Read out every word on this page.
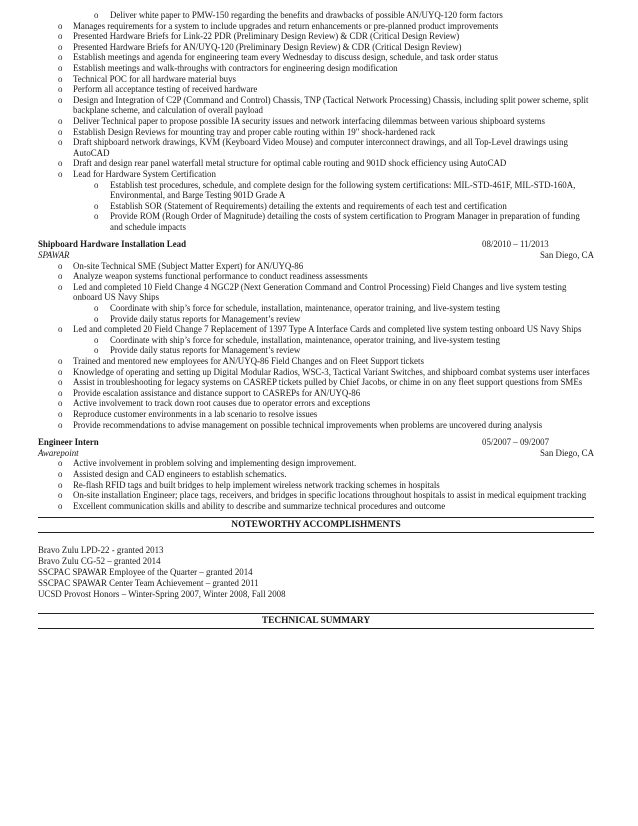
o Deliver white paper to PMW-150 regarding the benefits and drawbacks of possible AN/UYQ-120 form factors
o Manages requirements for a system to include upgrades and return enhancements or pre-planned product improvements
o Presented Hardware Briefs for Link-22 PDR (Preliminary Design Review) & CDR (Critical Design Review)
o Presented Hardware Briefs for AN/UYQ-120 (Preliminary Design Review) & CDR (Critical Design Review)
o Establish meetings and agenda for engineering team every Wednesday to discuss design, schedule, and task order status
o Establish meetings and walk-throughs with contractors for engineering design modification
o Technical POC for all hardware material buys
o Perform all acceptance testing of received hardware
o Design and Integration of C2P (Command and Control) Chassis, TNP (Tactical Network Processing) Chassis, including split power scheme, split backplane scheme, and calculation of overall payload
o Deliver Technical paper to propose possible IA security issues and network interfacing dilemmas between various shipboard systems
o Establish Design Reviews for mounting tray and proper cable routing within 19" shock-hardened rack
o Draft shipboard network drawings, KVM (Keyboard Video Mouse) and computer interconnect drawings, and all Top-Level drawings using AutoCAD
o Draft and design rear panel waterfall metal structure for optimal cable routing and 901D shock efficiency using AutoCAD
o Lead for Hardware System Certification
o Establish test procedures, schedule, and complete design for the following system certifications: MIL-STD-461F, MIL-STD-160A, Environmental, and Barge Testing 901D Grade A
o Establish SOR (Statement of Requirements) detailing the extents and requirements of each test and certification
o Provide ROM (Rough Order of Magnitude) detailing the costs of system certification to Program Manager in preparation of funding and schedule impacts
Shipboard Hardware Installation Lead	08/2010 – 11/2013
SPAWAR	San Diego, CA
o On-site Technical SME (Subject Matter Expert) for AN/UYQ-86
o Analyze weapon systems functional performance to conduct readiness assessments
o Led and completed 10 Field Change 4 NGC2P (Next Generation Command and Control Processing) Field Changes and live system testing onboard US Navy Ships
o Coordinate with ship’s force for schedule, installation, maintenance, operator training, and live-system testing
o Provide daily status reports for Management’s review
o Led and completed 20 Field Change 7 Replacement of 1397 Type A Interface Cards and completed live system testing onboard US Navy Ships
o Coordinate with ship’s force for schedule, installation, maintenance, operator training, and live-system testing
o Provide daily status reports for Management’s review
o Trained and mentored new employees for AN/UYQ-86 Field Changes and on Fleet Support tickets
o Knowledge of operating and setting up Digital Modular Radios, WSC-3, Tactical Variant Switches, and shipboard combat systems user interfaces
o Assist in troubleshooting for legacy systems on CASREP tickets pulled by Chief Jacobs, or chime in on any fleet support questions from SMEs
o Provide escalation assistance and distance support to CASREPs for AN/UYQ-86
o Active involvement to track down root causes due to operator errors and exceptions
o Reproduce customer environments in a lab scenario to resolve issues
o Provide recommendations to advise management on possible technical improvements when problems are uncovered during analysis
Engineer Intern	05/2007 – 09/2007
Awarepoint	San Diego, CA
o Active involvement in problem solving and implementing design improvement.
o Assisted design and CAD engineers to establish schematics.
o Re-flash RFID tags and built bridges to help implement wireless network tracking schemes in hospitals
o On-site installation Engineer; place tags, receivers, and bridges in specific locations throughout hospitals to assist in medical equipment tracking
o Excellent communication skills and ability to describe and summarize technical procedures and outcome
NOTEWORTHY ACCOMPLISHMENTS
Bravo Zulu LPD-22 - granted 2013
Bravo Zulu CG-52 – granted 2014
SSCPAC SPAWAR Employee of the Quarter – granted 2014
SSCPAC SPAWAR Center Team Achievement – granted 2011
UCSD Provost Honors – Winter-Spring 2007, Winter 2008, Fall 2008
TECHNICAL SUMMARY
